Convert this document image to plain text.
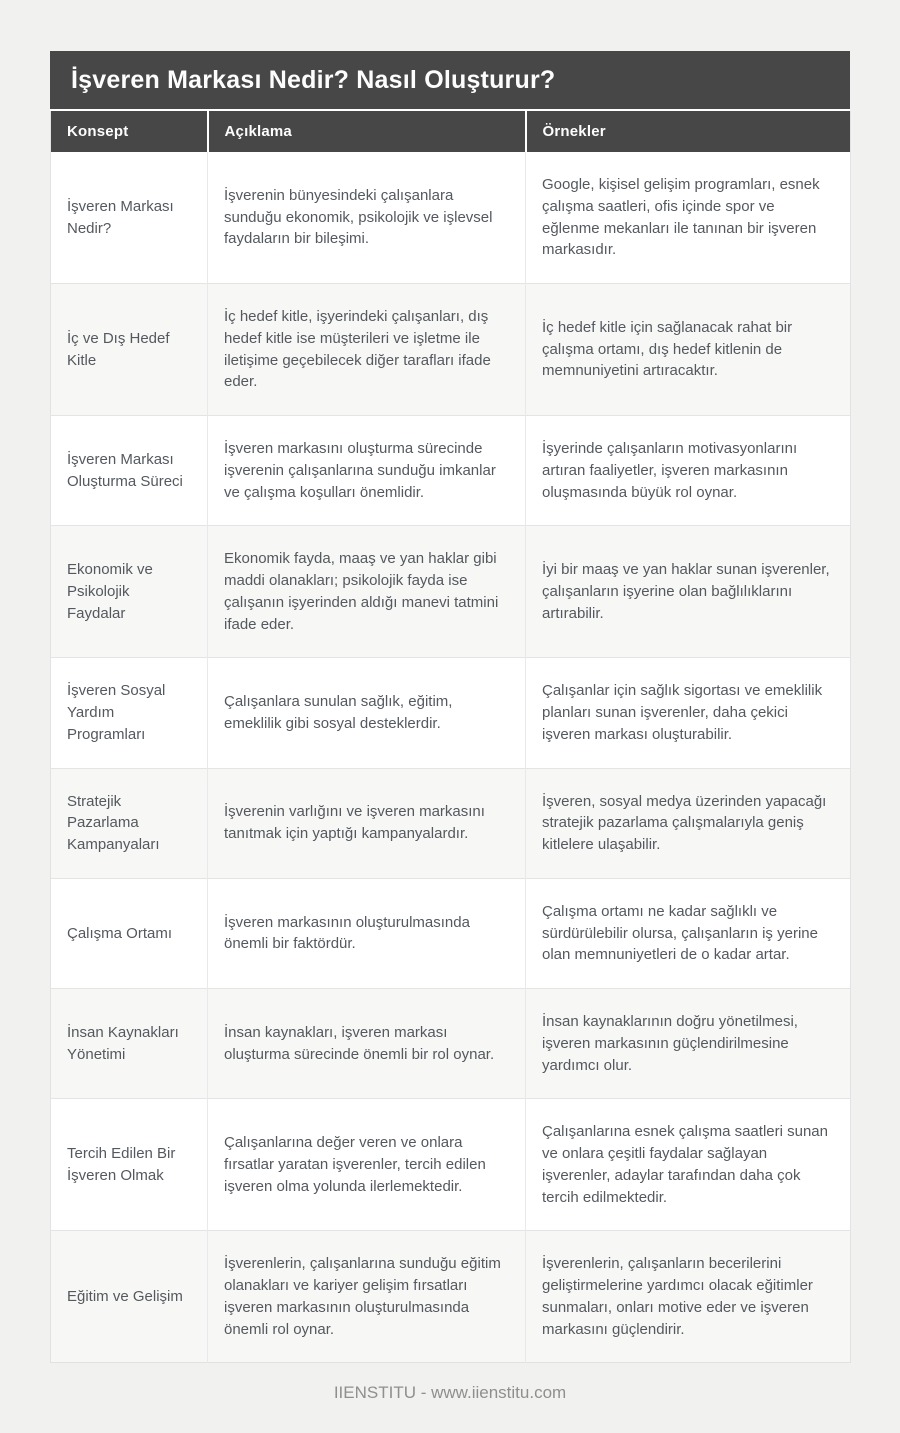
İşveren Markası Nedir? Nasıl Oluşturur?
Konsept	Açıklama	Örnekler
İşveren Markası Nedir?	İşverenin bünyesindeki çalışanlara sunduğu ekonomik, psikolojik ve işlevsel faydaların bir bileşimi.	Google, kişisel gelişim programları, esnek çalışma saatleri, ofis içinde spor ve eğlenme mekanları ile tanınan bir işveren markasıdır.
İç ve Dış Hedef Kitle	İç hedef kitle, işyerindeki çalışanları, dış hedef kitle ise müşterileri ve işletme ile iletişime geçebilecek diğer tarafları ifade eder.	İç hedef kitle için sağlanacak rahat bir çalışma ortamı, dış hedef kitlenin de memnuniyetini artıracaktır.
İşveren Markası Oluşturma Süreci	İşveren markasını oluşturma sürecinde işverenin çalışanlarına sunduğu imkanlar ve çalışma koşulları önemlidir.	İşyerinde çalışanların motivasyonlarını artıran faaliyetler, işveren markasının oluşmasında büyük rol oynar.
Ekonomik ve Psikolojik Faydalar	Ekonomik fayda, maaş ve yan haklar gibi maddi olanakları; psikolojik fayda ise çalışanın işyerinden aldığı manevi tatmini ifade eder.	İyi bir maaş ve yan haklar sunan işverenler, çalışanların işyerine olan bağlılıklarını artırabilir.
İşveren Sosyal Yardım Programları	Çalışanlara sunulan sağlık, eğitim, emeklilik gibi sosyal desteklerdir.	Çalışanlar için sağlık sigortası ve emeklilik planları sunan işverenler, daha çekici işveren markası oluşturabilir.
Stratejik Pazarlama Kampanyaları	İşverenin varlığını ve işveren markasını tanıtmak için yaptığı kampanyalardır.	İşveren, sosyal medya üzerinden yapacağı stratejik pazarlama çalışmalarıyla geniş kitlelere ulaşabilir.
Çalışma Ortamı	İşveren markasının oluşturulmasında önemli bir faktördür.	Çalışma ortamı ne kadar sağlıklı ve sürdürülebilir olursa, çalışanların iş yerine olan memnuniyetleri de o kadar artar.
İnsan Kaynakları Yönetimi	İnsan kaynakları, işveren markası oluşturma sürecinde önemli bir rol oynar.	İnsan kaynaklarının doğru yönetilmesi, işveren markasının güçlendirilmesine yardımcı olur.
Tercih Edilen Bir İşveren Olmak	Çalışanlarına değer veren ve onlara fırsatlar yaratan işverenler, tercih edilen işveren olma yolunda ilerlemektedir.	Çalışanlarına esnek çalışma saatleri sunan ve onlara çeşitli faydalar sağlayan işverenler, adaylar tarafından daha çok tercih edilmektedir.
Eğitim ve Gelişim	İşverenlerin, çalışanlarına sunduğu eğitim olanakları ve kariyer gelişim fırsatları işveren markasının oluşturulmasında önemli rol oynar.	İşverenlerin, çalışanların becerilerini geliştirmelerine yardımcı olacak eğitimler sunmaları, onları motive eder ve işveren markasını güçlendirir.
IIENSTITU - www.iienstitu.com
